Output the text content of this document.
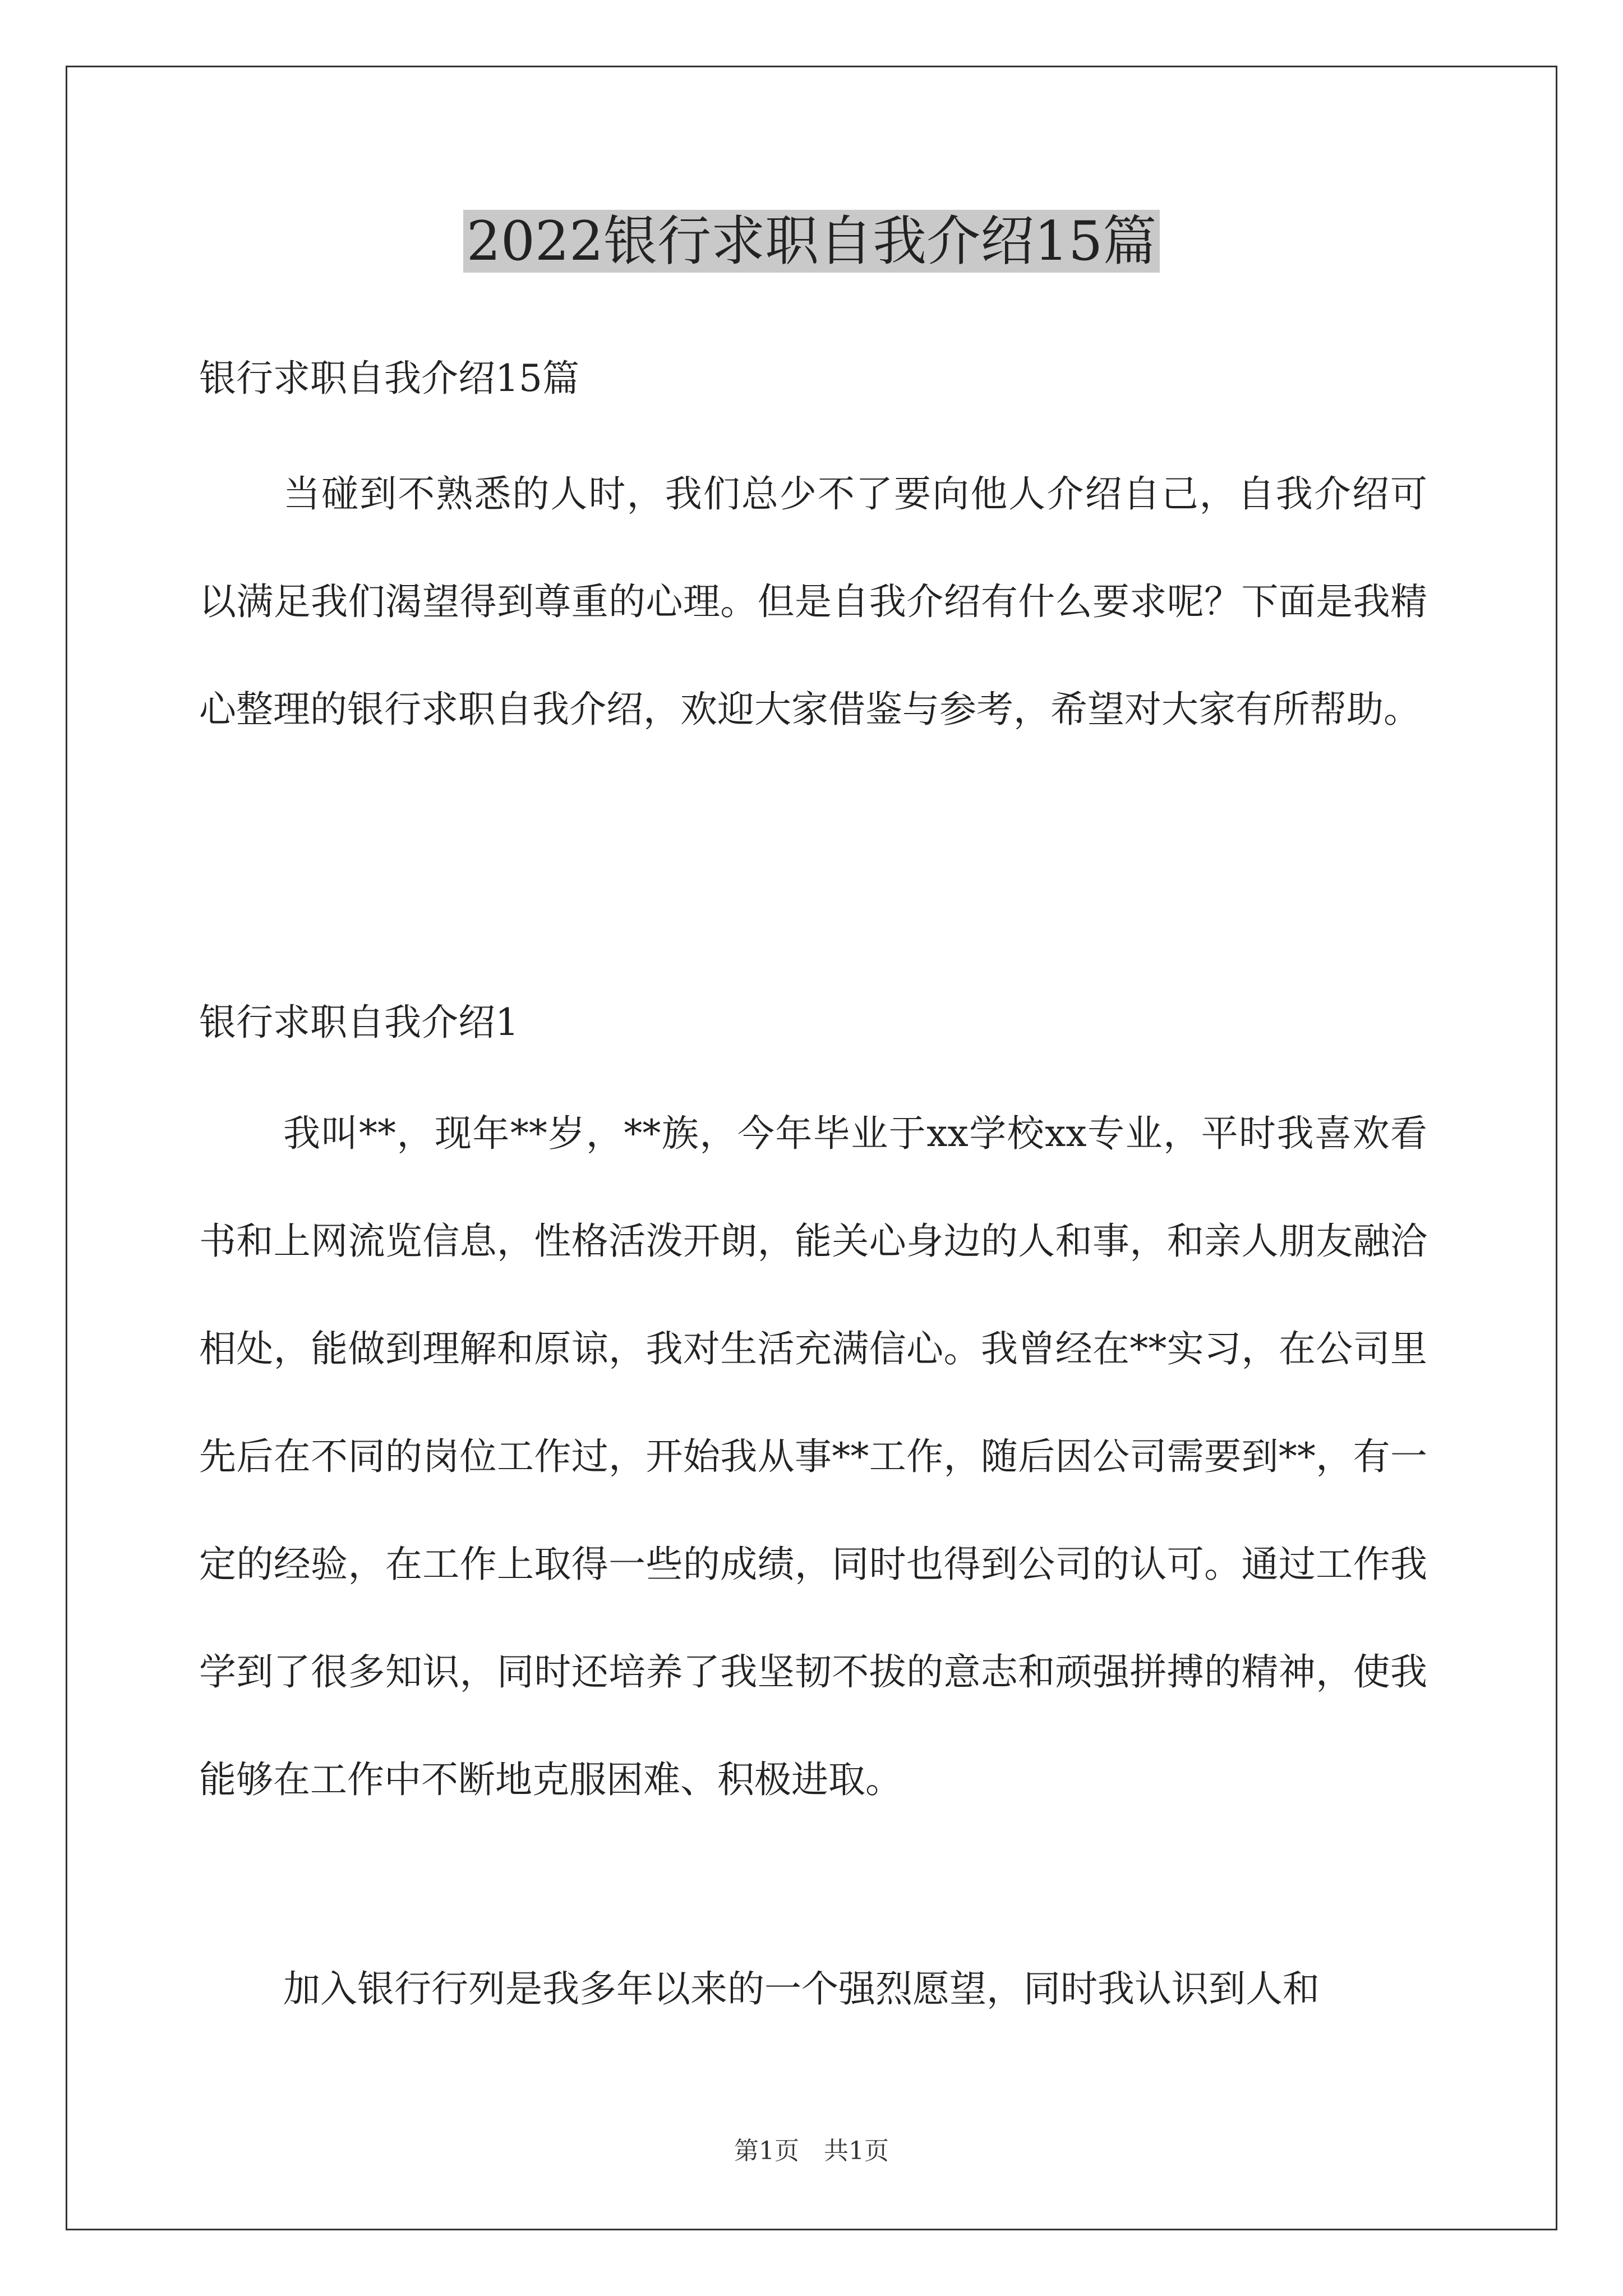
2022银行求职自我介绍15篇
银行求职自我介绍15篇
当碰到不熟悉的人时，我们总少不了要向他人介绍自己，自我介绍可以满足我们渴望得到尊重的心理。但是自我介绍有什么要求呢？下面是我精心整理的银行求职自我介绍，欢迎大家借鉴与参考，希望对大家有所帮助。
银行求职自我介绍1
我叫**，现年**岁，**族，今年毕业于xx学校xx专业，平时我喜欢看书和上网流览信息，性格活泼开朗，能关心身边的人和事，和亲人朋友融洽相处，能做到理解和原谅，我对生活充满信心。我曾经在**实习，在公司里先后在不同的岗位工作过，开始我从事**工作，随后因公司需要到**，有一定的经验，在工作上取得一些的成绩，同时也得到公司的认可。通过工作我学到了很多知识，同时还培养了我坚韧不拔的意志和顽强拼搏的精神，使我能够在工作中不断地克服困难、积极进取。
加入银行行列是我多年以来的一个强烈愿望，同时我认识到人和
第1页　共1页
